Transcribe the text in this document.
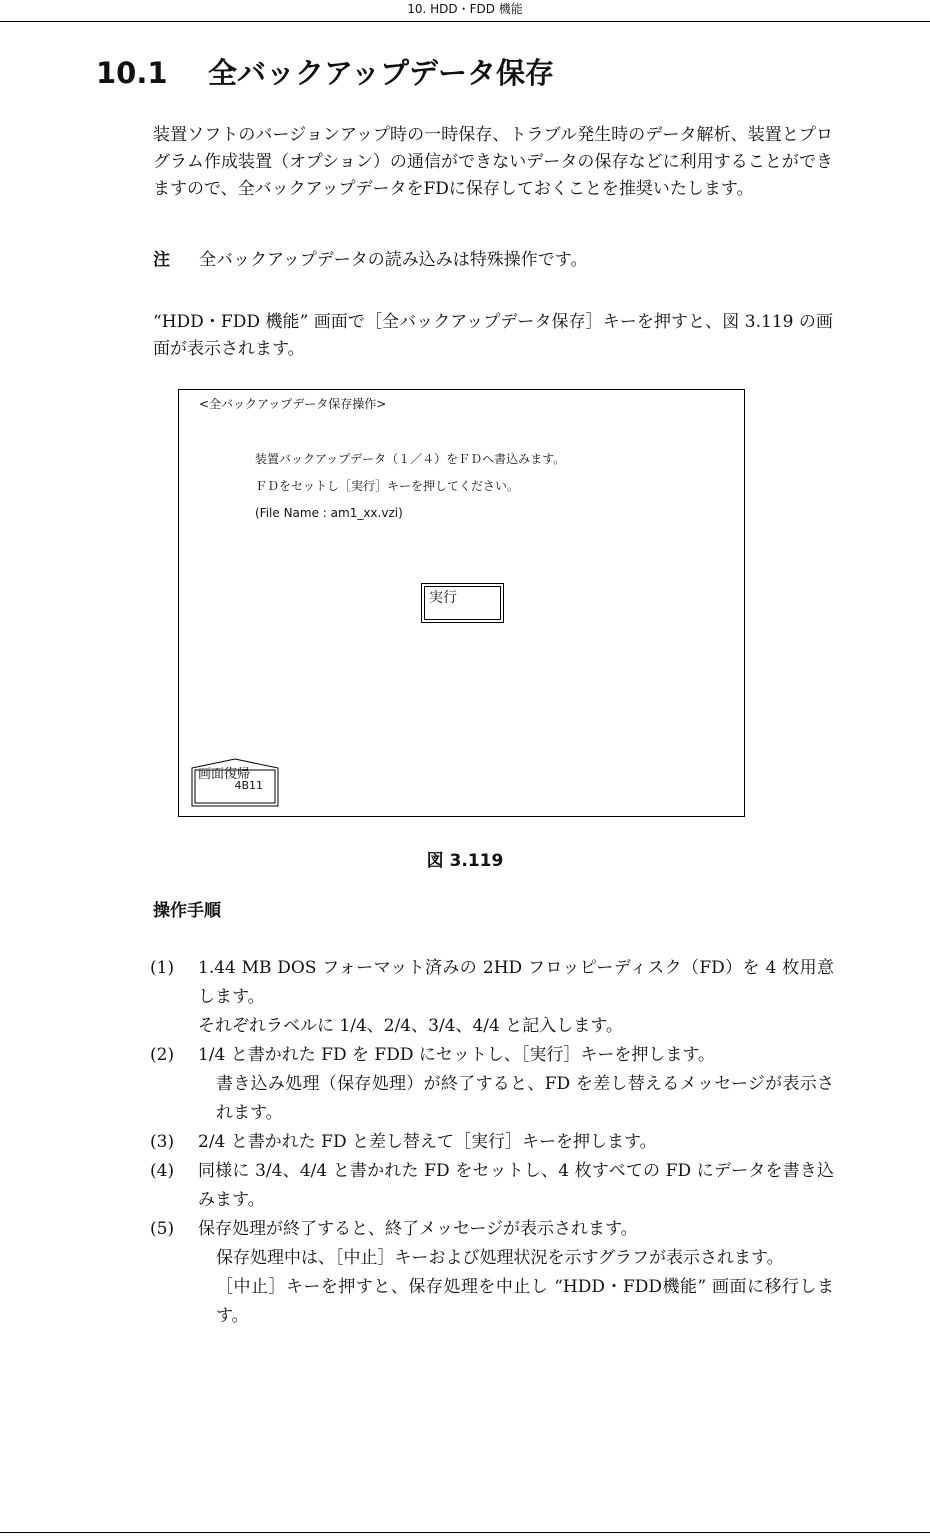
10. HDD・FDD 機能
10.1 全バックアップデータ保存

装置ソフトのバージョンアップ時の一時保存、トラブル発生時のデータ解析、装置とプログラム作成装置（オプション）の通信ができないデータの保存などに利用することができますので、全バックアップデータをFDに保存しておくことを推奨いたします。

注 全バックアップデータの読み込みは特殊操作です。

“HDD・FDD 機能” 画面で［全バックアップデータ保存］キーを押すと、図 3.119 の画面が表示されます。

<全バックアップデータ保存操作>
装置バックアップデータ（１／４）をＦＤへ書込みます。
ＦＤをセットし［実行］キーを押してください。
(File Name : am1_xx.vzi)
実行
画面復帰
4B11
図 3.119
操作手順
(1)	1.44 MB DOS フォーマット済みの 2HD フロッピーディスク（FD）を 4 枚用意します。
それぞれラベルに 1/4、2/4、3/4、4/4 と記入します。
(2)	1/4 と書かれた FD を FDD にセットし、［実行］キーを押します。
書き込み処理（保存処理）が終了すると、FD を差し替えるメッセージが表示されます。
(3)	2/4 と書かれた FD と差し替えて［実行］キーを押します。
(4)	同様に 3/4、4/4 と書かれた FD をセットし、4 枚すべての FD にデータを書き込みます。
(5)	保存処理が終了すると、終了メッセージが表示されます。
保存処理中は、［中止］キーおよび処理状況を示すグラフが表示されます。
［中止］キーを押すと、保存処理を中止し “HDD・FDD機能” 画面に移行します。
